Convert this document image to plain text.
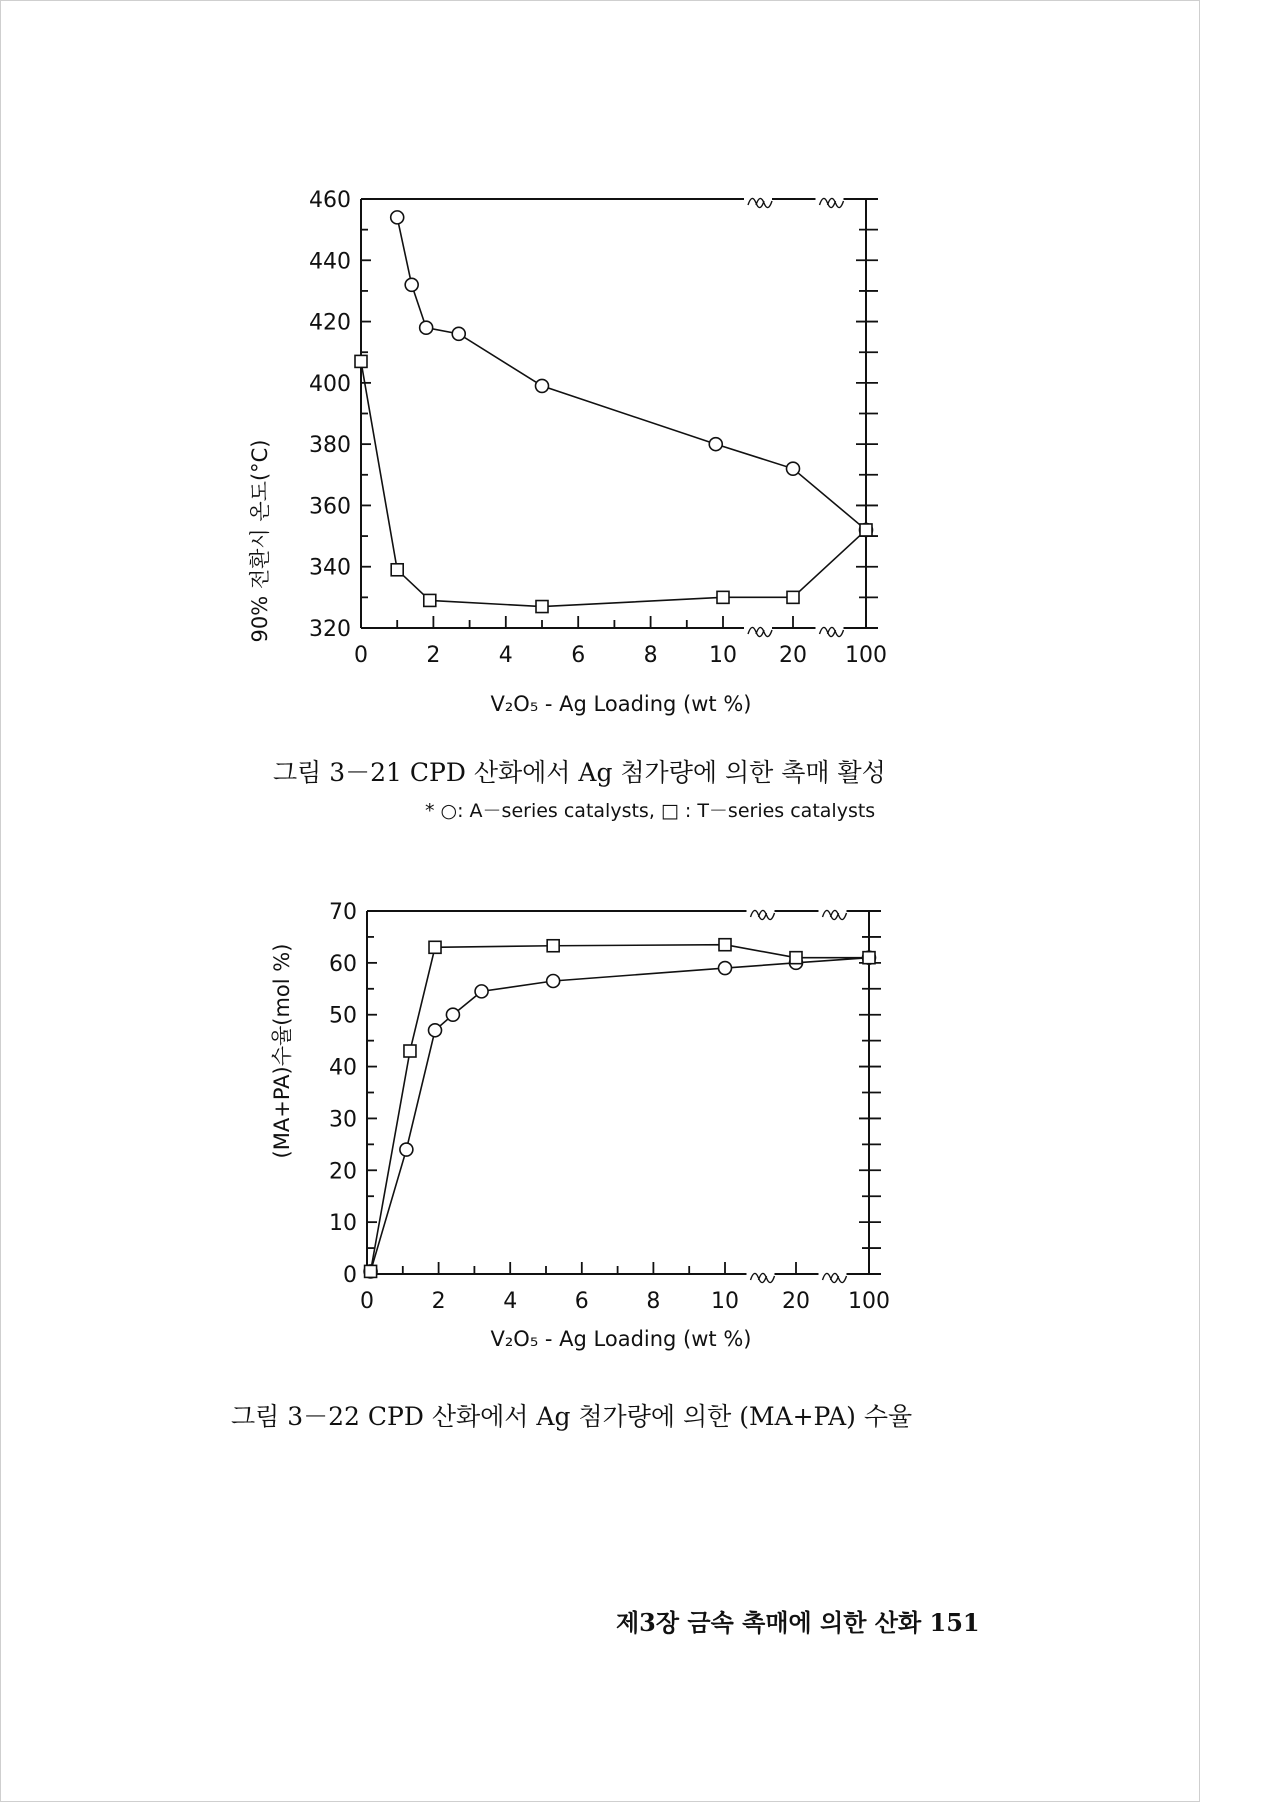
460
440
420
400
380
360
340
320
0	2	4	6	8 10 20 100
V₂O₅ - Ag Loading (wt %)
90% 전환시 온도(°C)
그림 3－21 CPD 산화에서 Ag 첨가량에 의한 촉매 활성
* ○: A－series catalysts, □ : T－series catalysts
70
60
50
40
30
20
10
0
0	2	4	6	8 10 20 100
V₂O₅ - Ag Loading (wt %)
(MA+PA)수율(mol %)
그림 3－22 CPD 산화에서 Ag 첨가량에 의한 (MA+PA) 수율
제3장 금속 촉매에 의한 산화 151
